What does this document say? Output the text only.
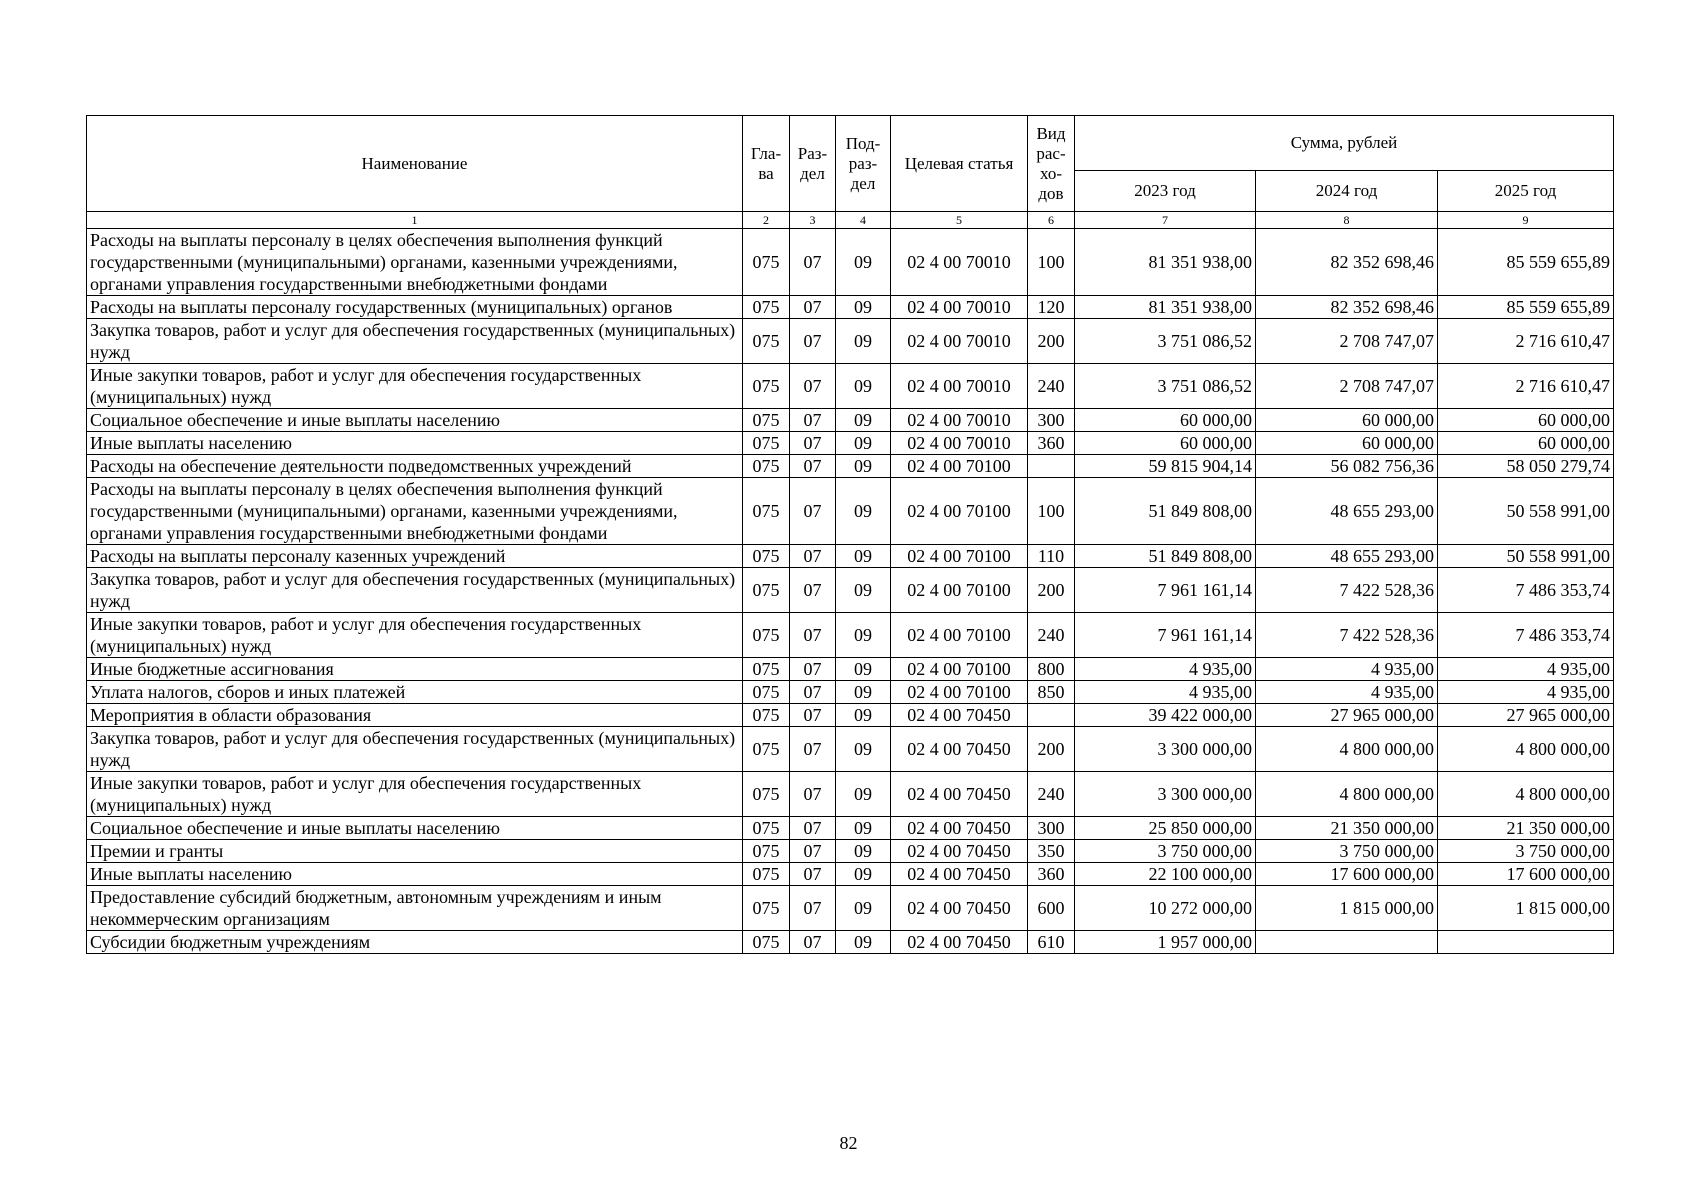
Наименование	Гла- ва	Раз- дел	Под- раз- дел	Целевая статья	Вид рас- хо- дов	Сумма, рублей		
						2023 год	2024 год	2025 год
1	2	3	4	5	6	7	8	9
Расходы на выплаты персоналу в целях обеспечения выполнения функций государственными (муниципальными) органами, казенными учреждениями, органами управления государственными внебюджетными фондами	075	07	09	02 4 00 70010	100	81 351 938,00	82 352 698,46	85 559 655,89
Расходы на выплаты персоналу государственных (муниципальных) органов	075	07	09	02 4 00 70010	120	81 351 938,00	82 352 698,46	85 559 655,89
Закупка товаров, работ и услуг для обеспечения государственных (муниципальных) нужд	075	07	09	02 4 00 70010	200	3 751 086,52	2 708 747,07	2 716 610,47
Иные закупки товаров, работ и услуг для обеспечения государственных (муниципальных) нужд	075	07	09	02 4 00 70010	240	3 751 086,52	2 708 747,07	2 716 610,47
Социальное обеспечение и иные выплаты населению	075	07	09	02 4 00 70010	300	60 000,00	60 000,00	60 000,00
Иные выплаты населению	075	07	09	02 4 00 70010	360	60 000,00	60 000,00	60 000,00
Расходы на обеспечение деятельности подведомственных учреждений	075	07	09	02 4 00 70100		59 815 904,14	56 082 756,36	58 050 279,74
Расходы на выплаты персоналу в целях обеспечения выполнения функций государственными (муниципальными) органами, казенными учреждениями, органами управления государственными внебюджетными фондами	075	07	09	02 4 00 70100	100	51 849 808,00	48 655 293,00	50 558 991,00
Расходы на выплаты персоналу казенных учреждений	075	07	09	02 4 00 70100	110	51 849 808,00	48 655 293,00	50 558 991,00
Закупка товаров, работ и услуг для обеспечения государственных (муниципальных) нужд	075	07	09	02 4 00 70100	200	7 961 161,14	7 422 528,36	7 486 353,74
Иные закупки товаров, работ и услуг для обеспечения государственных (муниципальных) нужд	075	07	09	02 4 00 70100	240	7 961 161,14	7 422 528,36	7 486 353,74
Иные бюджетные ассигнования	075	07	09	02 4 00 70100	800	4 935,00	4 935,00	4 935,00
Уплата налогов, сборов и иных платежей	075	07	09	02 4 00 70100	850	4 935,00	4 935,00	4 935,00
Мероприятия в области образования	075	07	09	02 4 00 70450		39 422 000,00	27 965 000,00	27 965 000,00
Закупка товаров, работ и услуг для обеспечения государственных (муниципальных) нужд	075	07	09	02 4 00 70450	200	3 300 000,00	4 800 000,00	4 800 000,00
Иные закупки товаров, работ и услуг для обеспечения государственных (муниципальных) нужд	075	07	09	02 4 00 70450	240	3 300 000,00	4 800 000,00	4 800 000,00
Социальное обеспечение и иные выплаты населению	075	07	09	02 4 00 70450	300	25 850 000,00	21 350 000,00	21 350 000,00
Премии и гранты	075	07	09	02 4 00 70450	350	3 750 000,00	3 750 000,00	3 750 000,00
Иные выплаты населению	075	07	09	02 4 00 70450	360	22 100 000,00	17 600 000,00	17 600 000,00
Предоставление субсидий бюджетным, автономным учреждениям и иным некоммерческим организациям	075	07	09	02 4 00 70450	600	10 272 000,00	1 815 000,00	1 815 000,00
Субсидии бюджетным учреждениям	075	07	09	02 4 00 70450	610	1 957 000,00		
82
